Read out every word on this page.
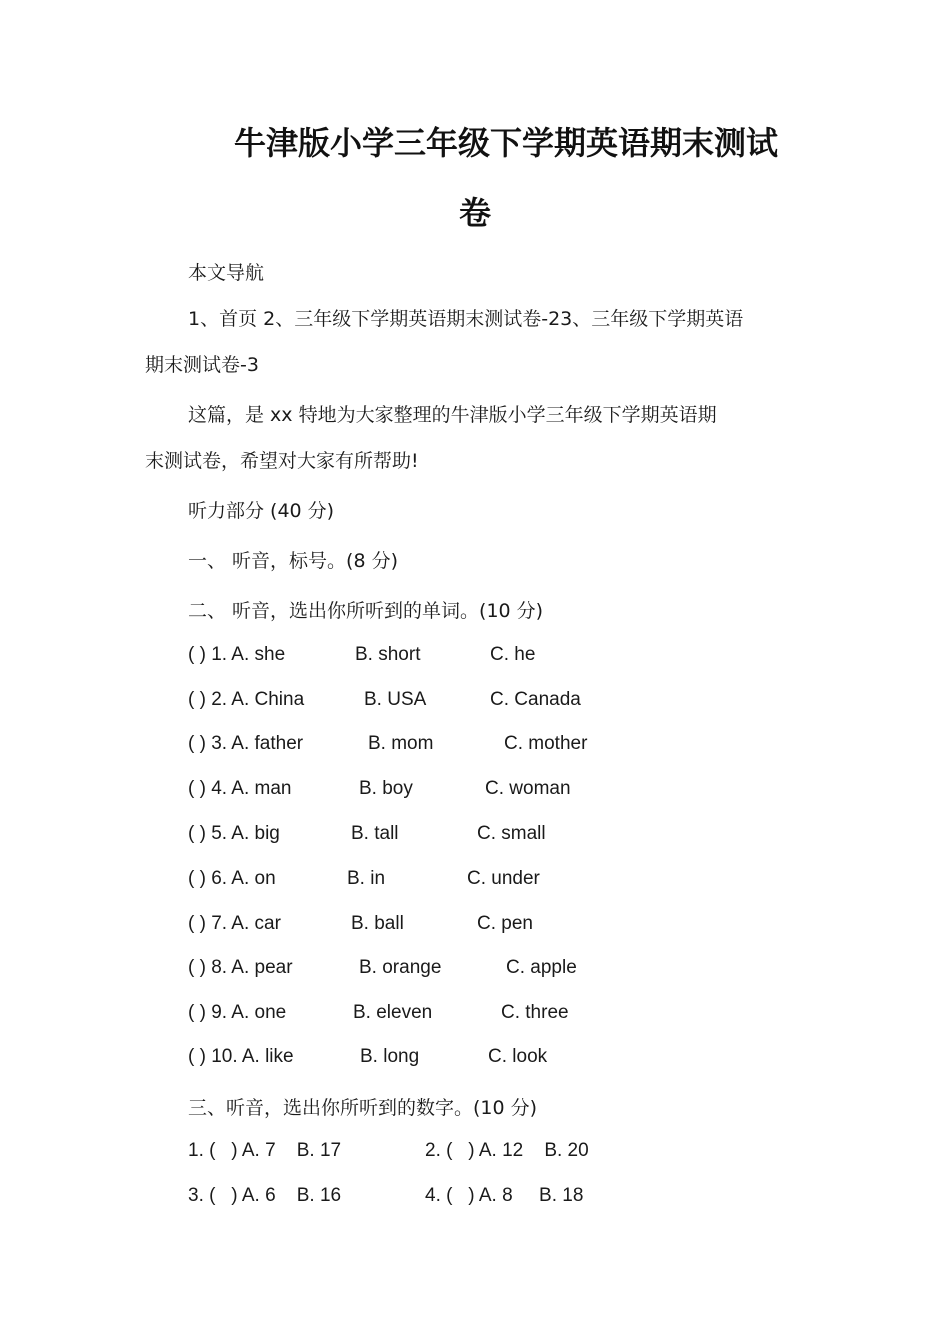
牛津版小学三年级下学期英语期末测试
卷
本文导航
1、首页 2、三年级下学期英语期末测试卷-23、三年级下学期英语
期末测试卷-3
这篇，是 xx 特地为大家整理的牛津版小学三年级下学期英语期
末测试卷，希望对大家有所帮助!
听力部分 (40 分)
一、 听音，标号。(8 分)
二、 听音，选出你所听到的单词。(10 分)
( ) 1. A. she	B. short	C. he
( ) 2. A. China	B. USA	C. Canada
( ) 3. A. father	B. mom	C. mother
( ) 4. A. man	B. boy	C. woman
( ) 5. A. big	B. tall	C. small
( ) 6. A. on	B. in	C. under
( ) 7. A. car	B. ball	C. pen
( ) 8. A. pear	B. orange	C. apple
( ) 9. A. one	B. eleven	C. three
( ) 10. A. like	B. long	C. look
三、听音，选出你所听到的数字。(10 分)
1. (   ) A. 7    B. 17	2. (   ) A. 12    B. 20
3. (   ) A. 6    B. 16	4. (   ) A. 8     B. 18
